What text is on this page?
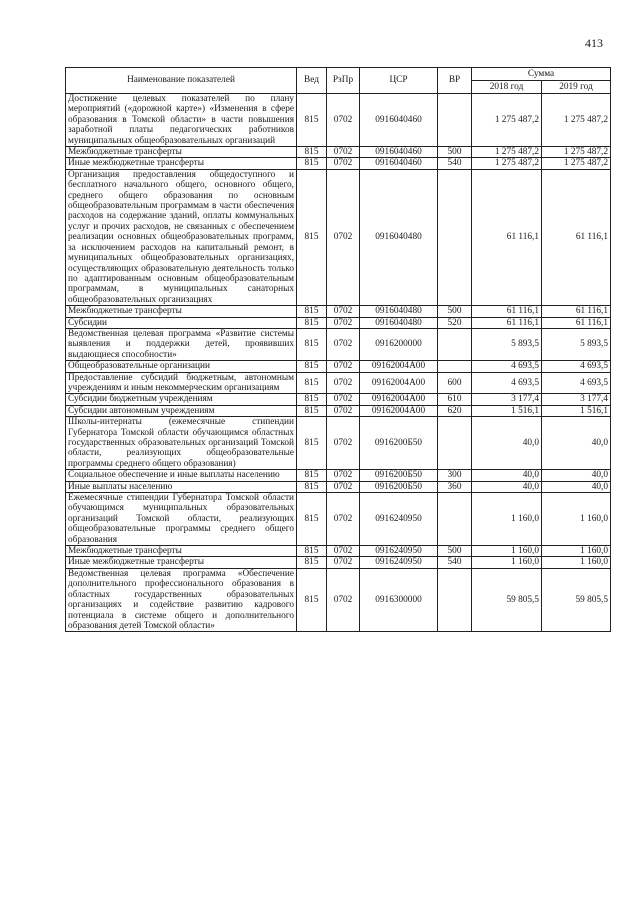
413
Наименование показателей	Вед	РзПр	ЦСР	ВР	Сумма	
					2018 год	2019 год
Достижение целевых показателей по плану мероприятий («дорожной карте») «Изменения в сфере образования в Томской области» в части повышения заработной платы педагогических работников муниципальных общеобразовательных организаций	815	0702	0916040460		1 275 487,2	1 275 487,2
Межбюджетные трансферты	815	0702	0916040460	500	1 275 487,2	1 275 487,2
Иные межбюджетные трансферты	815	0702	0916040460	540	1 275 487,2	1 275 487,2
Организация предоставления общедоступного и бесплатного начального общего, основного общего, среднего общего образования по основным общеобразовательным программам в части обеспечения расходов на содержание зданий, оплаты коммунальных услуг и прочих расходов, не связанных с обеспечением реализации основных общеобразовательных программ, за исключением расходов на капитальный ремонт, в муниципальных общеобразовательных организациях, осуществляющих образовательную деятельность только по адаптированным основным общеобразовательным программам, в муниципальных санаторных общеобразовательных организациях	815	0702	0916040480		61 116,1	61 116,1
Межбюджетные трансферты	815	0702	0916040480	500	61 116,1	61 116,1
Субсидии	815	0702	0916040480	520	61 116,1	61 116,1
Ведомственная целевая программа «Развитие системы выявления и поддержки детей, проявивших выдающиеся способности»	815	0702	0916200000		5 893,5	5 893,5
Общеобразовательные организации	815	0702	09162004А00		4 693,5	4 693,5
Предоставление субсидий бюджетным, автономным учреждениям и иным некоммерческим организациям	815	0702	09162004А00	600	4 693,5	4 693,5
Субсидии бюджетным учреждениям	815	0702	09162004А00	610	3 177,4	3 177,4
Субсидии автономным учреждениям	815	0702	09162004А00	620	1 516,1	1 516,1
Школы-интернаты (ежемесячные стипендии Губернатора Томской области обучающимся областных государственных образовательных организаций Томской области, реализующих общеобразовательные программы среднего общего образования)	815	0702	0916200Б50		40,0	40,0
Социальное обеспечение и иные выплаты населению	815	0702	0916200Б50	300	40,0	40,0
Иные выплаты населению	815	0702	0916200Б50	360	40,0	40,0
Ежемесячные стипендии Губернатора Томской области обучающимся муниципальных образовательных организаций Томской области, реализующих общеобразовательные программы среднего общего образования	815	0702	0916240950		1 160,0	1 160,0
Межбюджетные трансферты	815	0702	0916240950	500	1 160,0	1 160,0
Иные межбюджетные трансферты	815	0702	0916240950	540	1 160,0	1 160,0
Ведомственная целевая программа «Обеспечение дополнительного профессионального образования в областных государственных образовательных организациях и содействие развитию кадрового потенциала в системе общего и дополнительного образования детей Томской области»	815	0702	0916300000		59 805,5	59 805,5
